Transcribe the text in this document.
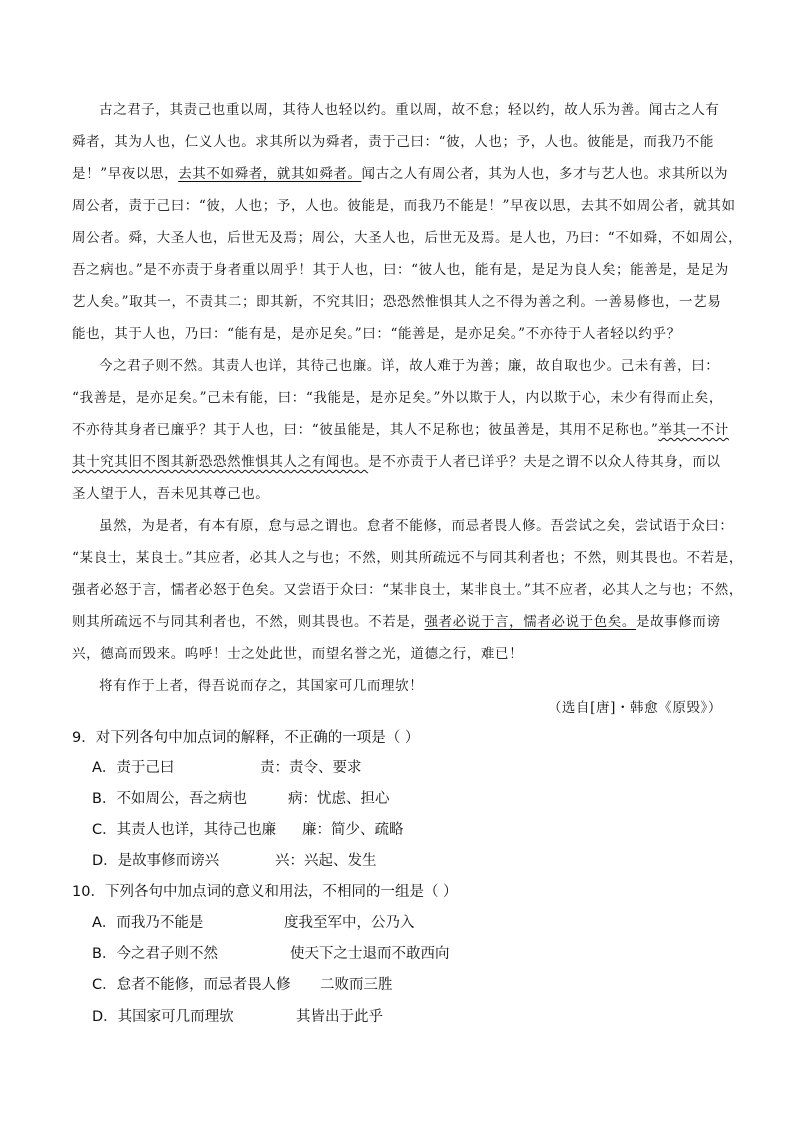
古之君子，其责己也重以周，其待人也轻以约。重以周，故不怠；轻以约，故人乐为善。闻古之人有
舜者，其为人也，仁义人也。求其所以为舜者，责于己曰：“彼，人也；予，人也。彼能是，而我乃不能
是！”早夜以思，去其不如舜者，就其如舜者。闻古之人有周公者，其为人也，多才与艺人也。求其所以为
周公者，责于己曰：“彼，人也；予，人也。彼能是，而我乃不能是！”早夜以思，去其不如周公者，就其如
周公者。舜，大圣人也，后世无及焉；周公，大圣人也，后世无及焉。是人也，乃曰：“不如舜，不如周公，
吾之病也。”是不亦责于身者重以周乎！其于人也，曰：“彼人也，能有是，是足为良人矣；能善是，是足为
艺人矣。”取其一，不责其二；即其新，不究其旧；恐恐然惟惧其人之不得为善之利。一善易修也，一艺易
能也，其于人也，乃曰：“能有是，是亦足矣。”曰：“能善是，是亦足矣。”不亦待于人者轻以约乎？
今之君子则不然。其责人也详，其待己也廉。详，故人难于为善；廉，故自取也少。己未有善，曰：
“我善是，是亦足矣。”己未有能，曰：“我能是，是亦足矣。”外以欺于人，内以欺于心，未少有得而止矣，
不亦待其身者已廉乎？其于人也，曰：“彼虽能是，其人不足称也；彼虽善是，其用不足称也。”举其一不计
其十究其旧不图其新恐恐然惟惧其人之有闻也。是不亦责于人者已详乎？夫是之谓不以众人待其身，而以
圣人望于人，吾未见其尊己也。
虽然，为是者，有本有原，怠与忌之谓也。怠者不能修，而忌者畏人修。吾尝试之矣，尝试语于众曰：
“某良士，某良士。”其应者，必其人之与也；不然，则其所疏远不与同其利者也；不然，则其畏也。不若是，
强者必怒于言，懦者必怒于色矣。又尝语于众曰：“某非良士，某非良士。”其不应者，必其人之与也；不然，
则其所疏远不与同其利者也，不然，则其畏也。不若是，强者必说于言，懦者必说于色矣。是故事修而谤
兴，德高而毁来。呜呼！士之处此世，而望名誉之光，道德之行，难已！
将有作于上者，得吾说而存之，其国家可几而理欤！
（选自[唐]・韩愈《原毁》）
9．对下列各句中加点词的解释，不正确的一项是（ ）
A．责于己曰	责：责令、要求
B．不如周公，吾之病也	病：忧虑、担心
C．其责人也详，其待己也廉 廉：简少、疏略
D．是故事修而谤兴	兴：兴起、发生
10．下列各句中加点词的意义和用法，不相同的一组是（ ）
A．而我乃不能是	度我至军中，公乃入
B．今之君子则不然	使天下之士退而不敢西向
C．怠者不能修，而忌者畏人修 二败而三胜
D．其国家可几而理欤	其皆出于此乎
